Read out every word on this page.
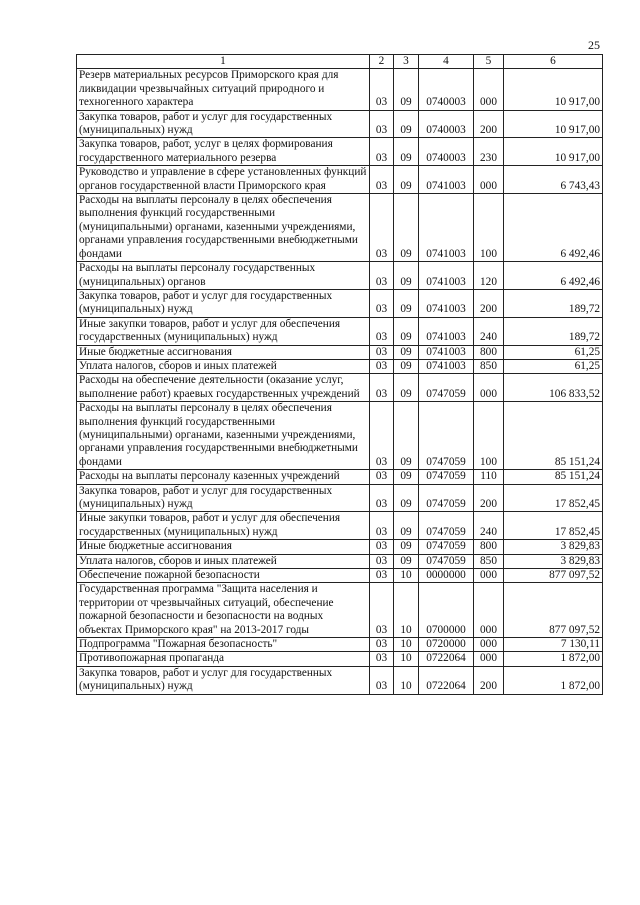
25
1	2	3	4	5	6
Резерв материальных ресурсов Приморского края для ликвидации чрезвычайных ситуаций природного и техногенного характера	03	09	0740003	000	10 917,00
Закупка товаров, работ и услуг для государственных (муниципальных) нужд	03	09	0740003	200	10 917,00
Закупка товаров, работ, услуг в целях формирования государственного материального резерва	03	09	0740003	230	10 917,00
Руководство и управление в сфере установленных функций органов государственной власти Приморского края	03	09	0741003	000	6 743,43
Расходы на выплаты персоналу в целях обеспечения выполнения функций государственными (муниципальными) органами, казенными учреждениями, органами управления государственными внебюджетными фондами	03	09	0741003	100	6 492,46
Расходы на выплаты персоналу государственных (муниципальных) органов	03	09	0741003	120	6 492,46
Закупка товаров, работ и услуг для государственных (муниципальных) нужд	03	09	0741003	200	189,72
Иные закупки товаров, работ и услуг для обеспечения государственных (муниципальных) нужд	03	09	0741003	240	189,72
Иные бюджетные ассигнования	03	09	0741003	800	61,25
Уплата налогов, сборов и иных платежей	03	09	0741003	850	61,25
Расходы на обеспечение деятельности (оказание услуг, выполнение работ) краевых государственных учреждений	03	09	0747059	000	106 833,52
Расходы на выплаты персоналу в целях обеспечения выполнения функций государственными (муниципальными) органами, казенными учреждениями, органами управления государственными внебюджетными фондами	03	09	0747059	100	85 151,24
Расходы на выплаты персоналу казенных учреждений	03	09	0747059	110	85 151,24
Закупка товаров, работ и услуг для государственных (муниципальных) нужд	03	09	0747059	200	17 852,45
Иные закупки товаров, работ и услуг для обеспечения государственных (муниципальных) нужд	03	09	0747059	240	17 852,45
Иные бюджетные ассигнования	03	09	0747059	800	3 829,83
Уплата налогов, сборов и иных платежей	03	09	0747059	850	3 829,83
Обеспечение пожарной безопасности	03	10	0000000	000	877 097,52
Государственная программа "Защита населения и территории от чрезвычайных ситуаций, обеспечение пожарной безопасности и безопасности на водных объектах Приморского края" на 2013-2017 годы	03	10	0700000	000	877 097,52
Подпрограмма "Пожарная безопасность"	03	10	0720000	000	7 130,11
Противопожарная пропаганда	03	10	0722064	000	1 872,00
Закупка товаров, работ и услуг для государственных (муниципальных) нужд	03	10	0722064	200	1 872,00
